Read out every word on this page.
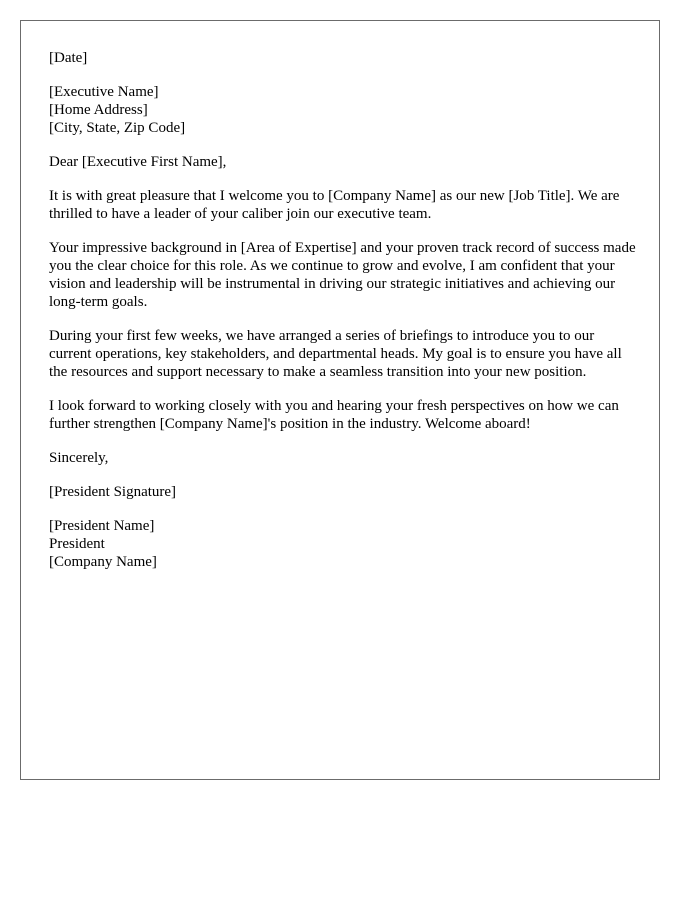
[Date]
[Executive Name]
[Home Address]
[City, State, Zip Code]
Dear [Executive First Name],

It is with great pleasure that I welcome you to [Company Name] as our new [Job Title]. We are thrilled to have a leader of your caliber join our executive team.

Your impressive background in [Area of Expertise] and your proven track record of success made you the clear choice for this role. As we continue to grow and evolve, I am confident that your vision and leadership will be instrumental in driving our strategic initiatives and achieving our long-term goals.

During your first few weeks, we have arranged a series of briefings to introduce you to our current operations, key stakeholders, and departmental heads. My goal is to ensure you have all the resources and support necessary to make a seamless transition into your new position.

I look forward to working closely with you and hearing your fresh perspectives on how we can further strengthen [Company Name]'s position in the industry. Welcome aboard!

Sincerely,
[President Signature]
[President Name]
President
[Company Name]
